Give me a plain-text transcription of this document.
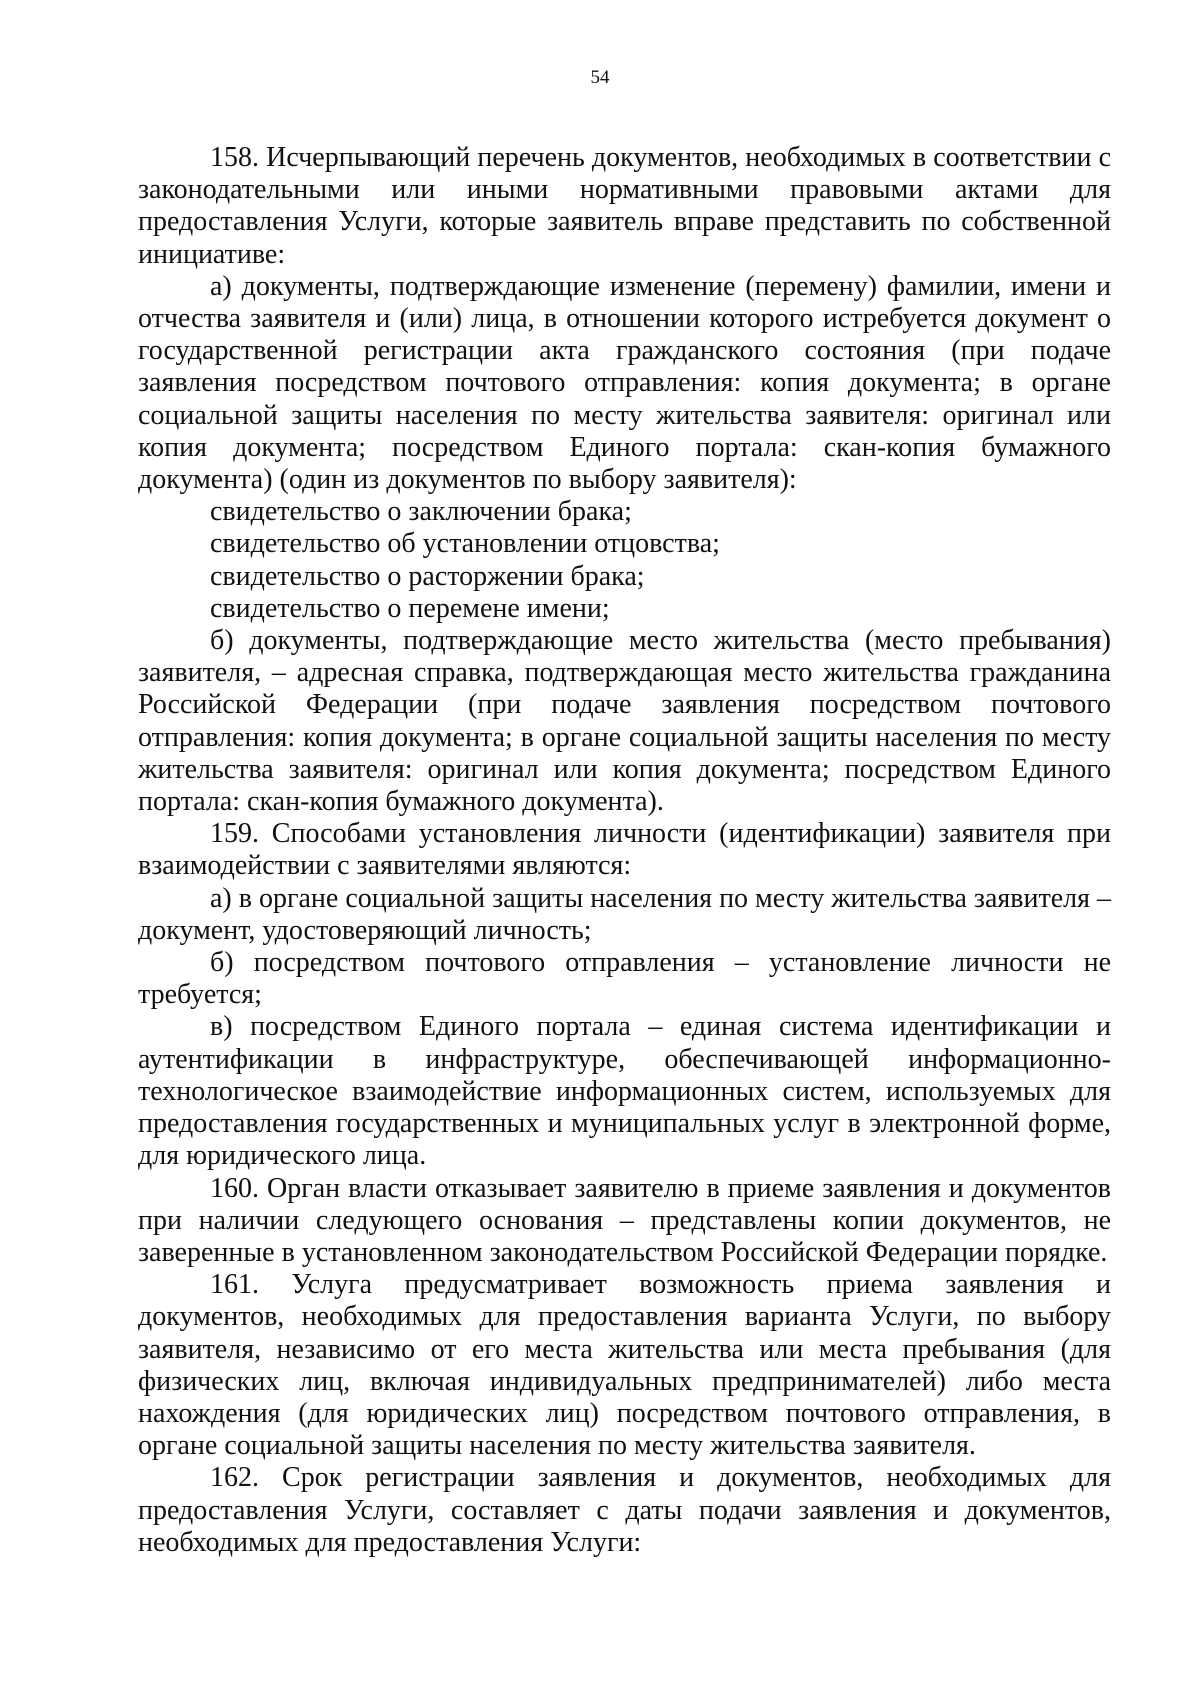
54

158. Исчерпывающий перечень документов, необходимых в соответствии с законодательными или иными нормативными правовыми актами для предоставления Услуги, которые заявитель вправе представить по собственной инициативе:

а) документы, подтверждающие изменение (перемену) фамилии, имени и отчества заявителя и (или) лица, в отношении которого истребуется документ о государственной регистрации акта гражданского состояния (при подаче заявления посредством почтового отправления: копия документа; в органе социальной защиты населения по месту жительства заявителя: оригинал или копия документа; посредством Единого портала: скан-копия бумажного документа) (один из документов по выбору заявителя):

свидетельство о заключении брака;

свидетельство об установлении отцовства;

свидетельство о расторжении брака;

свидетельство о перемене имени;

б) документы, подтверждающие место жительства (место пребывания) заявителя, – адресная справка, подтверждающая место жительства гражданина Российской Федерации (при подаче заявления посредством почтового отправления: копия документа; в органе социальной защиты населения по месту жительства заявителя: оригинал или копия документа; посредством Единого портала: скан-копия бумажного документа).

159. Способами установления личности (идентификации) заявителя при взаимодействии с заявителями являются:

а) в органе социальной защиты населения по месту жительства заявителя – документ, удостоверяющий личность;

б) посредством почтового отправления – установление личности не требуется;

в) посредством Единого портала – единая система идентификации и аутентификации в инфраструктуре, обеспечивающей информационно-технологическое взаимодействие информационных систем, используемых для предоставления государственных и муниципальных услуг в электронной форме, для юридического лица.

160. Орган власти отказывает заявителю в приеме заявления и документов при наличии следующего основания – представлены копии документов, не заверенные в установленном законодательством Российской Федерации порядке.

161. Услуга предусматривает возможность приема заявления и документов, необходимых для предоставления варианта Услуги, по выбору заявителя, независимо от его места жительства или места пребывания (для физических лиц, включая индивидуальных предпринимателей) либо места нахождения (для юридических лиц) посредством почтового отправления, в органе социальной защиты населения по месту жительства заявителя.

162. Срок регистрации заявления и документов, необходимых для предоставления Услуги, составляет с даты подачи заявления и документов, необходимых для предоставления Услуги:
